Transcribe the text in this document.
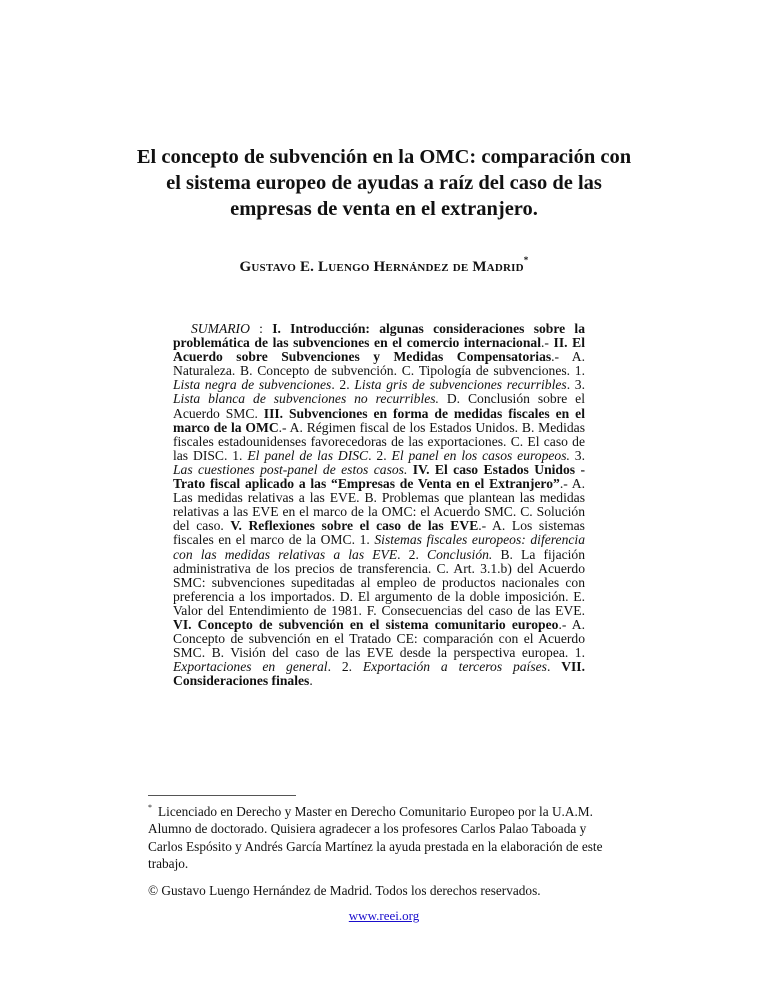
El concepto de subvención en la OMC: comparación con
el sistema europeo de ayudas a raíz del caso de las
empresas de venta en el extranjero.
Gustavo E. Luengo Hernández de Madrid*

SUMARIO : I. Introducción: algunas consideraciones sobre la problemática de las subvenciones en el comercio internacional.- II. El Acuerdo sobre Subvenciones y Medidas Compensatorias.- A. Naturaleza. B. Concepto de subvención. C. Tipología de subvenciones. 1. Lista negra de subvenciones. 2. Lista gris de subvenciones recurribles. 3. Lista blanca de subvenciones no recurribles. D. Conclusión sobre el Acuerdo SMC. III. Subvenciones en forma de medidas fiscales en el marco de la OMC.- A. Régimen fiscal de los Estados Unidos. B. Medidas fiscales estadounidenses favorecedoras de las exportaciones. C. El caso de las DISC. 1. El panel de las DISC. 2. El panel en los casos europeos. 3. Las cuestiones post-panel de estos casos. IV. El caso Estados Unidos - Trato fiscal aplicado a las “Empresas de Venta en el Extranjero”.- A. Las medidas relativas a las EVE. B. Problemas que plantean las medidas relativas a las EVE en el marco de la OMC: el Acuerdo SMC. C. Solución del caso. V. Reflexiones sobre el caso de las EVE.- A. Los sistemas fiscales en el marco de la OMC. 1. Sistemas fiscales europeos: diferencia con las medidas relativas a las EVE. 2. Conclusión. B. La fijación administrativa de los precios de transferencia. C. Art. 3.1.b) del Acuerdo SMC: subvenciones supeditadas al empleo de productos nacionales con preferencia a los importados. D. El argumento de la doble imposición. E. Valor del Entendimiento de 1981. F. Consecuencias del caso de las EVE. VI. Concepto de subvención en el sistema comunitario europeo.- A. Concepto de subvención en el Tratado CE: comparación con el Acuerdo SMC. B. Visión del caso de las EVE desde la perspectiva europea. 1. Exportaciones en general. 2. Exportación a terceros países. VII. Consideraciones finales.

* Licenciado en Derecho y Master en Derecho Comunitario Europeo por la U.A.M. Alumno de doctorado. Quisiera agradecer a los profesores Carlos Palao Taboada y Carlos Espósito y Andrés García Martínez la ayuda prestada en la elaboración de este trabajo.

© Gustavo Luengo Hernández de Madrid. Todos los derechos reservados.
www.reei.org
